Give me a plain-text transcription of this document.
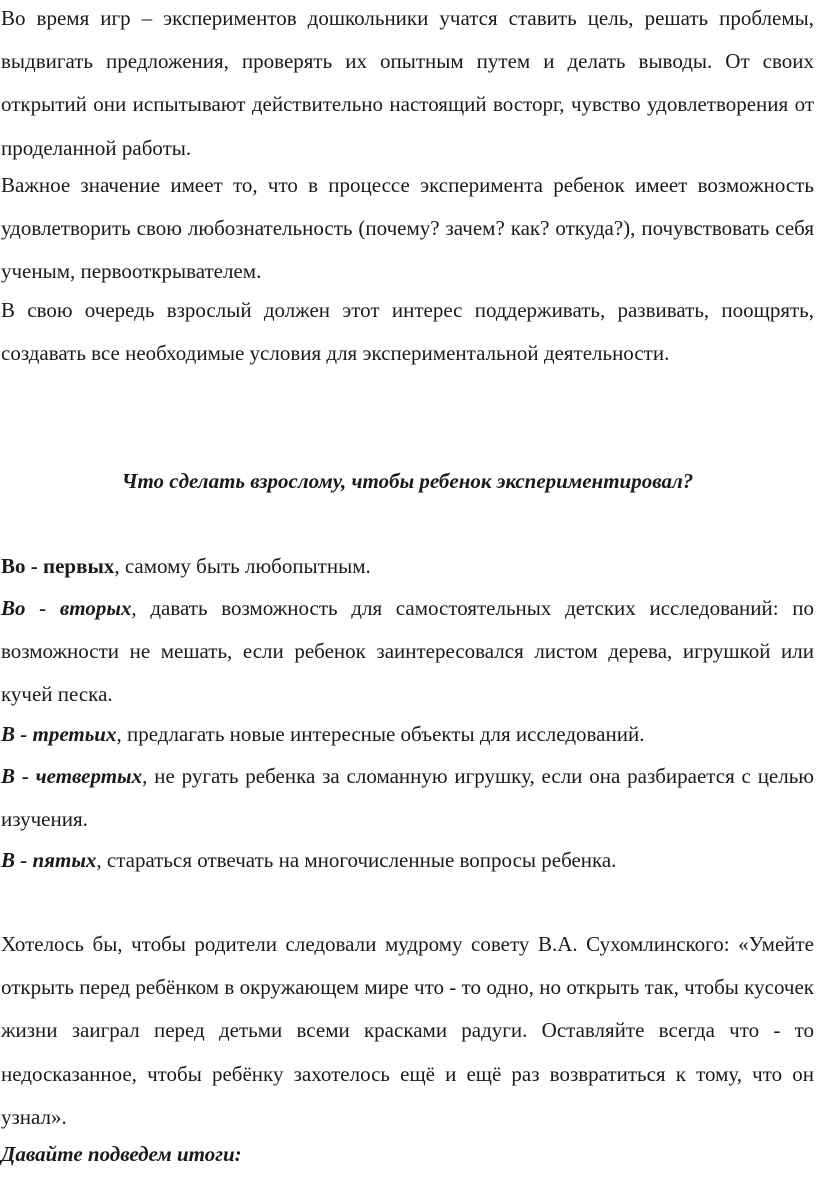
Во время игр – экспериментов дошкольники учатся ставить цель, решать проблемы, выдвигать предложения, проверять их опытным путем и делать выводы. От своих открытий они испытывают действительно настоящий восторг, чувство удовлетворения от проделанной работы.

Важное значение имеет то, что в процессе эксперимента ребенок имеет возможность удовлетворить свою любознательность (почему? зачем? как? откуда?), почувствовать себя ученым, первооткрывателем.

В свою очередь взрослый должен этот интерес поддерживать, развивать, поощрять, создавать все необходимые условия для экспериментальной деятельности.

Что сделать взрослому, чтобы ребенок экспериментировал?

Во - первых, самому быть любопытным.

Во - вторых, давать возможность для самостоятельных детских исследований: по возможности не мешать, если ребенок заинтересовался листом дерева, игрушкой или кучей песка.

В - третьих, предлагать новые интересные объекты для исследований.

В - четвертых, не ругать ребенка за сломанную игрушку, если она разбирается с целью изучения.

В - пятых, стараться отвечать на многочисленные вопросы ребенка.

Хотелось бы, чтобы родители следовали мудрому совету В.А. Сухомлинского: «Умейте открыть перед ребёнком в окружающем мире что - то одно, но открыть так, чтобы кусочек жизни заиграл перед детьми всеми красками радуги. Оставляйте всегда что - то недосказанное, чтобы ребёнку захотелось ещё и ещё раз возвратиться к тому, что он узнал».

Давайте подведем итоги:
